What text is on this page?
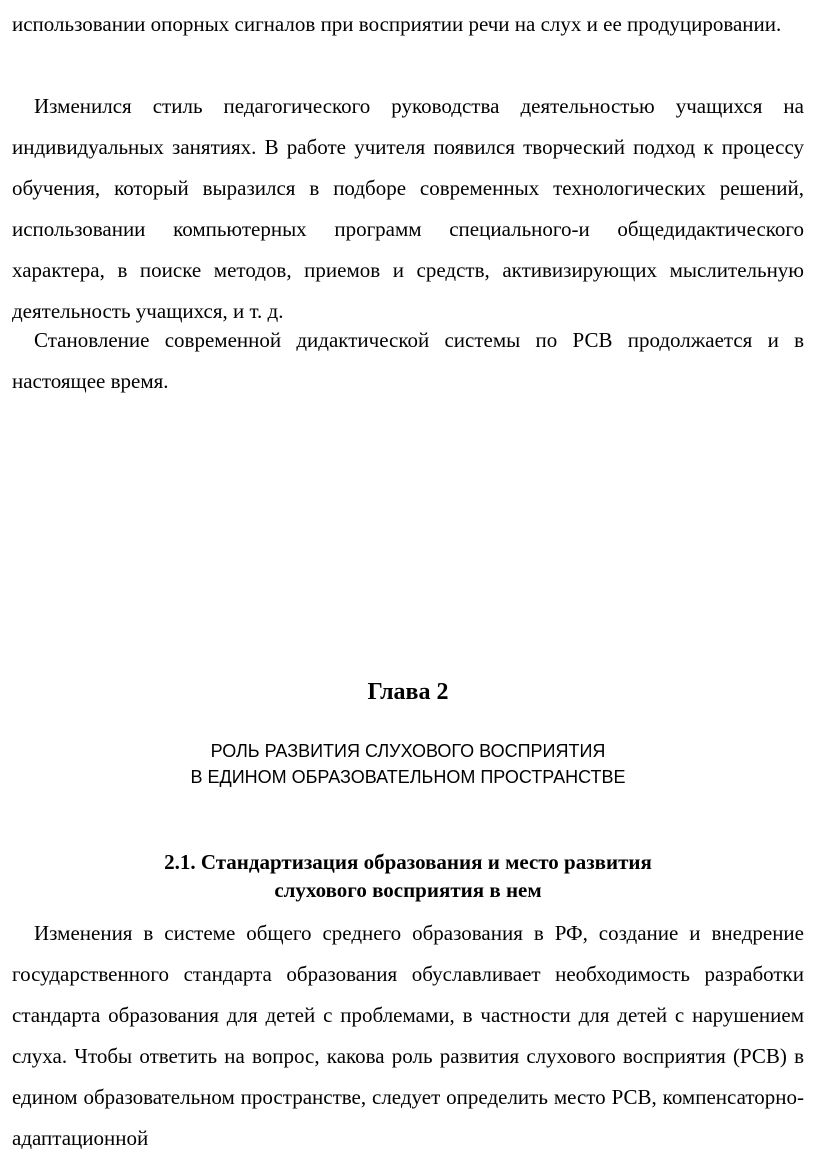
использовании опорных сигналов при восприятии речи на слух и ее продуцировании.

Изменился стиль педагогического руководства деятельностью учащихся на индивидуальных занятиях. В работе учителя появился творческий подход к процессу обучения, который выразился в подборе современных технологических решений, использовании компьютерных программ специального-и общедидактического характера, в поиске методов, приемов и средств, активизирующих мыслительную деятельность учащихся, и т. д.

Становление современной дидактической системы по РСВ продолжается и в настоящее время.

Глава 2
РОЛЬ РАЗВИТИЯ СЛУХОВОГО ВОСПРИЯТИЯ
В ЕДИНОМ ОБРАЗОВАТЕЛЬНОМ ПРОСТРАНСТВЕ
2.1. Стандартизация образования и место развития
слухового восприятия в нем

Изменения в системе общего среднего образования в РФ, создание и внедрение государственного стандарта образования обуславливает необходимость разработки стандарта образования для детей с проблемами, в частности для детей с нарушением слуха. Чтобы ответить на вопрос, какова роль развития слухового восприятия (РСВ) в едином образовательном пространстве, следует определить место РСВ, компенсаторно-адаптационной
